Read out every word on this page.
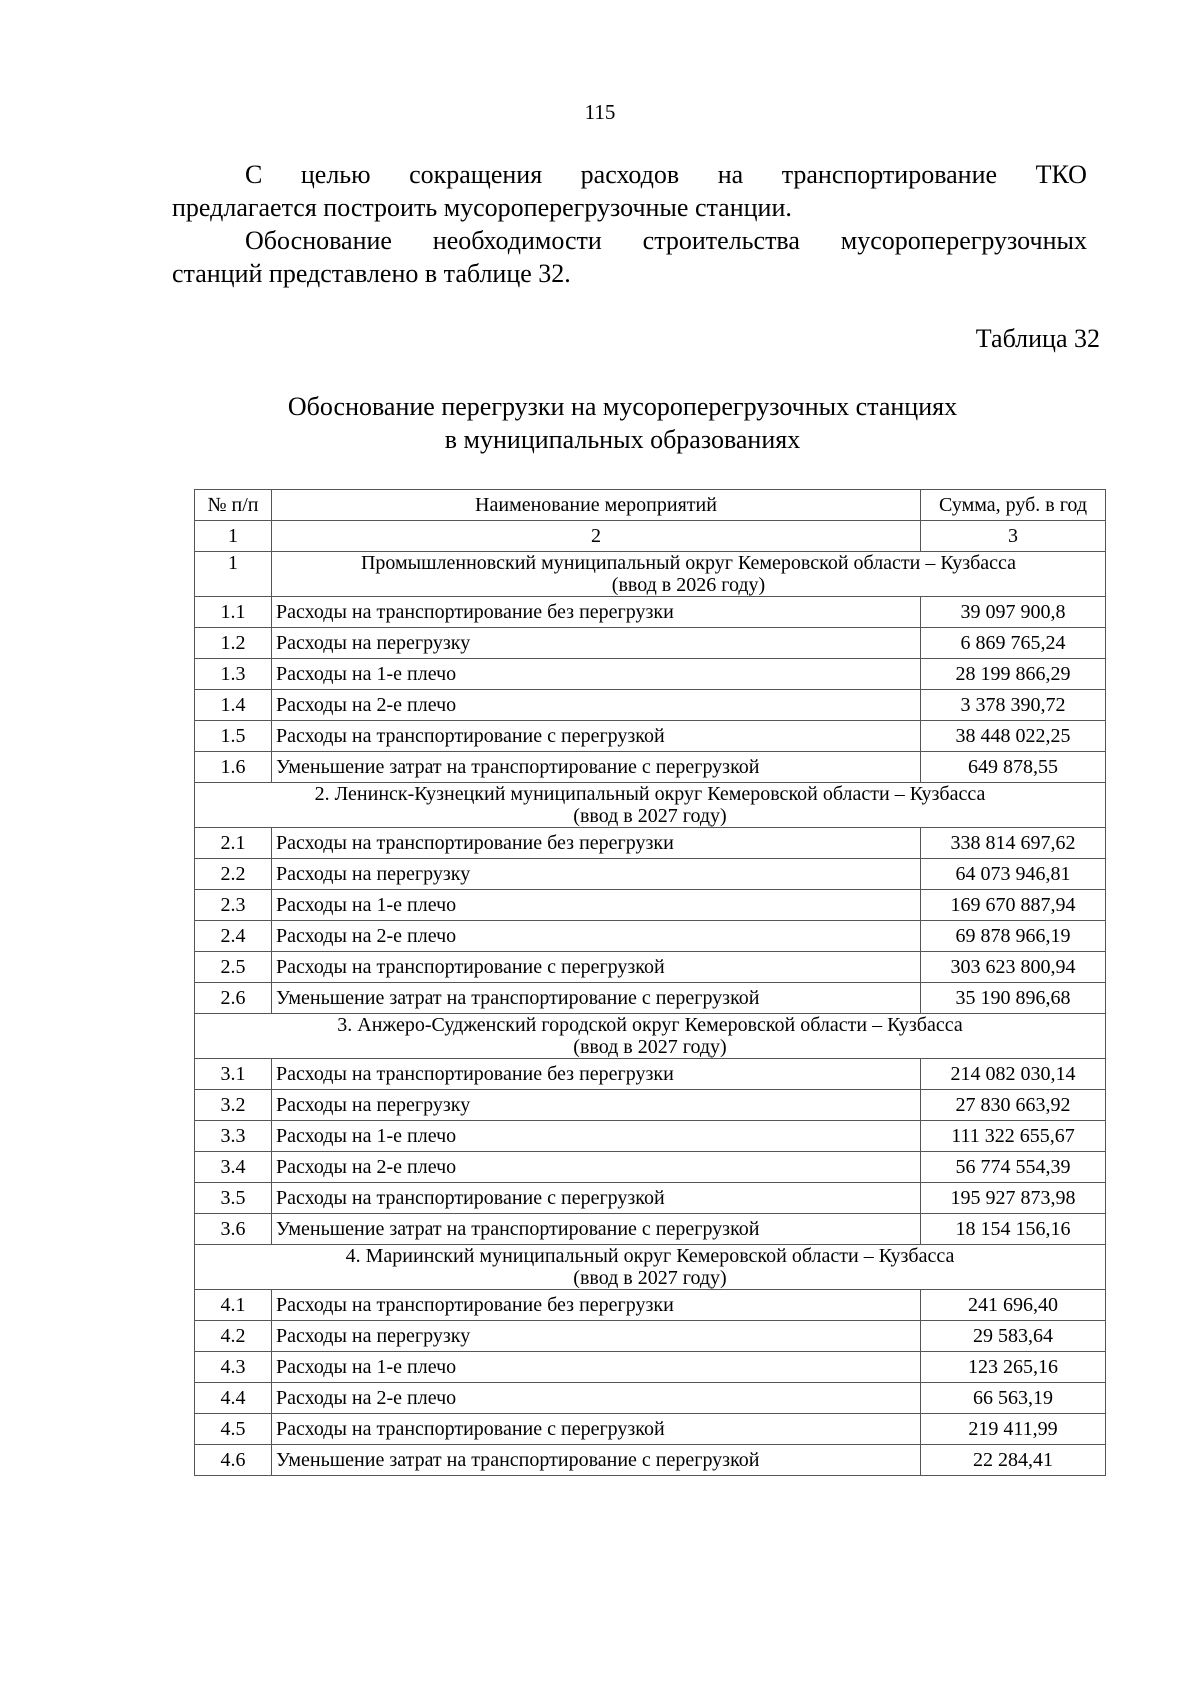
115
С целью сокращения расходов на транспортирование ТКО
предлагается построить мусороперегрузочные станции.
Обоснование необходимости строительства мусороперегрузочных
станций представлено в таблице 32.
Таблица 32
Обоснование перегрузки на мусороперегрузочных станциях
в муниципальных образованиях
№ п/п	Наименование мероприятий	Сумма, руб. в год
1	2	3
1	Промышленновский муниципальный округ Кемеровской области – Кузбасса
(ввод в 2026 году)	

1.1	Расходы на транспортирование без перегрузки	39 097 900,8
1.2	Расходы на перегрузку	6 869 765,24
1.3	Расходы на 1-е плечо	28 199 866,29
1.4	Расходы на 2-е плечо	3 378 390,72
1.5	Расходы на транспортирование с перегрузкой	38 448 022,25
1.6	Уменьшение затрат на транспортирование с перегрузкой	649 878,55

2. Ленинск-Кузнецкий муниципальный округ Кемеровской области – Кузбасса
(ввод в 2027 году)		

2.1	Расходы на транспортирование без перегрузки	338 814 697,62
2.2	Расходы на перегрузку	64 073 946,81
2.3	Расходы на 1-е плечо	169 670 887,94
2.4	Расходы на 2-е плечо	69 878 966,19
2.5	Расходы на транспортирование с перегрузкой	303 623 800,94
2.6	Уменьшение затрат на транспортирование с перегрузкой	35 190 896,68

3. Анжеро-Судженский городской округ Кемеровской области – Кузбасса
(ввод в 2027 году)		

3.1	Расходы на транспортирование без перегрузки	214 082 030,14
3.2	Расходы на перегрузку	27 830 663,92
3.3	Расходы на 1-е плечо	111 322 655,67
3.4	Расходы на 2-е плечо	56 774 554,39
3.5	Расходы на транспортирование с перегрузкой	195 927 873,98
3.6	Уменьшение затрат на транспортирование с перегрузкой	18 154 156,16

4. Мариинский муниципальный округ Кемеровской области – Кузбасса
(ввод в 2027 году)		

4.1	Расходы на транспортирование без перегрузки	241 696,40
4.2	Расходы на перегрузку	29 583,64
4.3	Расходы на 1-е плечо	123 265,16
4.4	Расходы на 2-е плечо	66 563,19
4.5	Расходы на транспортирование с перегрузкой	219 411,99
4.6	Уменьшение затрат на транспортирование с перегрузкой	22 284,41
